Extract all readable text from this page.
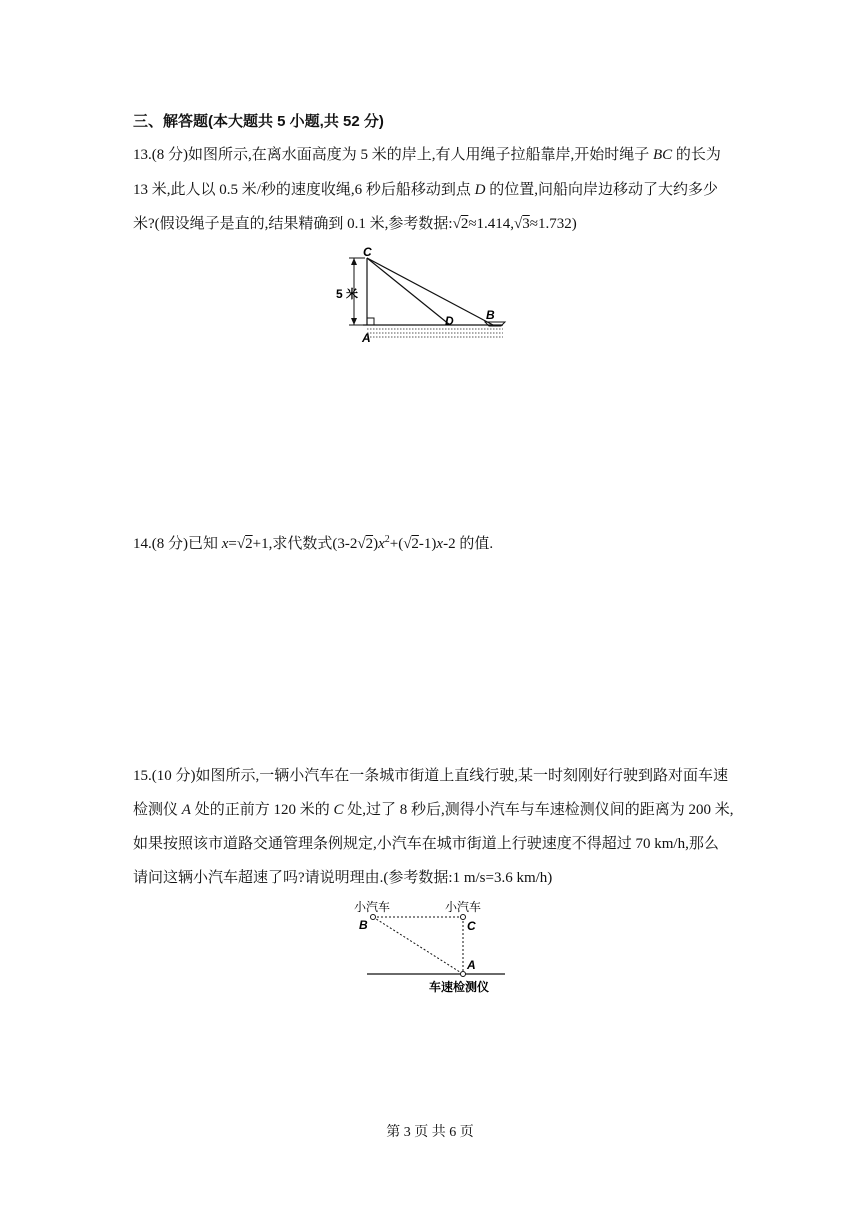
三、解答题(本大题共 5 小题,共 52 分)
13.(8 分)如图所示,在离水面高度为 5 米的岸上,有人用绳子拉船靠岸,开始时绳子 BC 的长为
13 米,此人以 0.5 米/秒的速度收绳,6 秒后船移动到点 D 的位置,问船向岸边移动了大约多少
米?(假设绳子是直的,结果精确到 0.1 米,参考数据:√2≈1.414,√3≈1.732)
C
A
D	B
5 米
14.(8 分)已知 x=√2+1,求代数式$(3-2√2)x^2+(√2-1)x-2$ 的值.
15.(10 分)如图所示,一辆小汽车在一条城市街道上直线行驶,某一时刻刚好行驶到路对面车速
检测仪 A 处的正前方 120 米的 C 处,过了 8 秒后,测得小汽车与车速检测仪间的距离为 200 米,
如果按照该市道路交通管理条例规定,小汽车在城市街道上行驶速度不得超过 70 km/h,那么
请问这辆小汽车超速了吗?请说明理由.(参考数据:1 m/s=3.6 km/h)
小汽车	小汽车
B	C
A
车速检测仪
第 3 页 共 6 页
